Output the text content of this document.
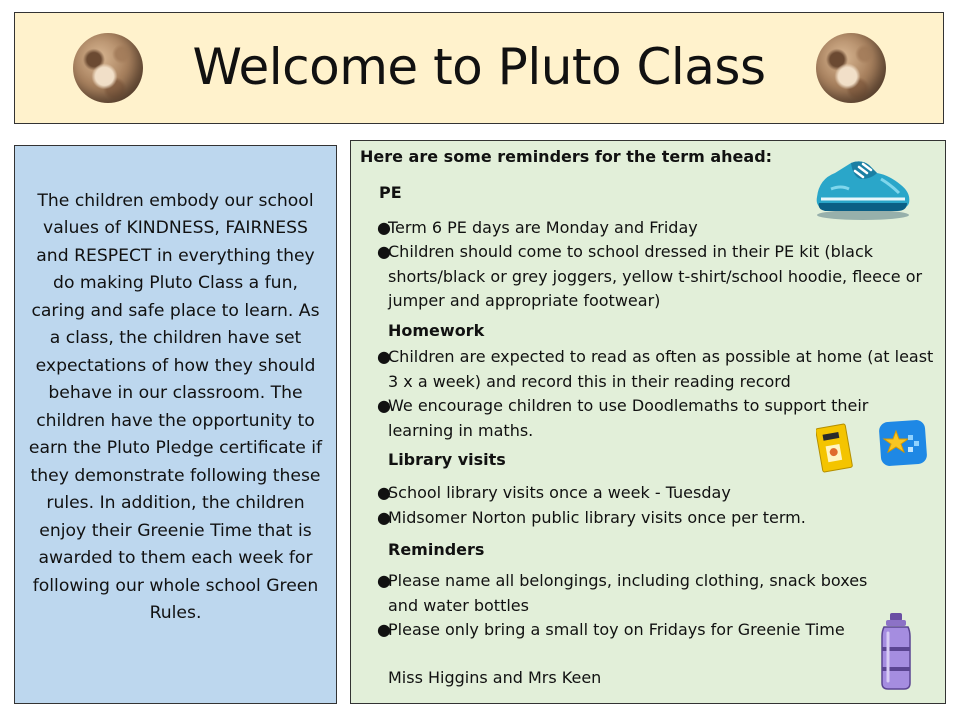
Welcome to Pluto Class
The children embody our school values of KINDNESS, FAIRNESS and RESPECT in everything they do making Pluto Class a fun, caring and safe place to learn. As a class, the children have set expectations of how they should behave in our classroom. The children have the opportunity to earn the Pluto Pledge certificate if they demonstrate following these rules. In addition, the children enjoy their Greenie Time that is awarded to them each week for following our whole school Green Rules.
Here are some reminders for the term ahead:
PE
●
Term 6 PE days are Monday and Friday
●
Children should come to school dressed in their PE kit (black shorts/black or grey joggers, yellow t-shirt/school hoodie, fleece or jumper and appropriate footwear)
Homework
●
Children are expected to read as often as possible at home (at least 3 x a week) and record this in their reading record
●
We encourage children to use Doodlemaths to support their learning in maths.
Library visits
●
School library visits once a week - Tuesday
●
Midsomer Norton public library visits once per term.
Reminders
●
Please name all belongings, including clothing, snack boxes and water bottles
●
Please only bring a small toy on Fridays for Greenie Time
Miss Higgins and Mrs Keen
